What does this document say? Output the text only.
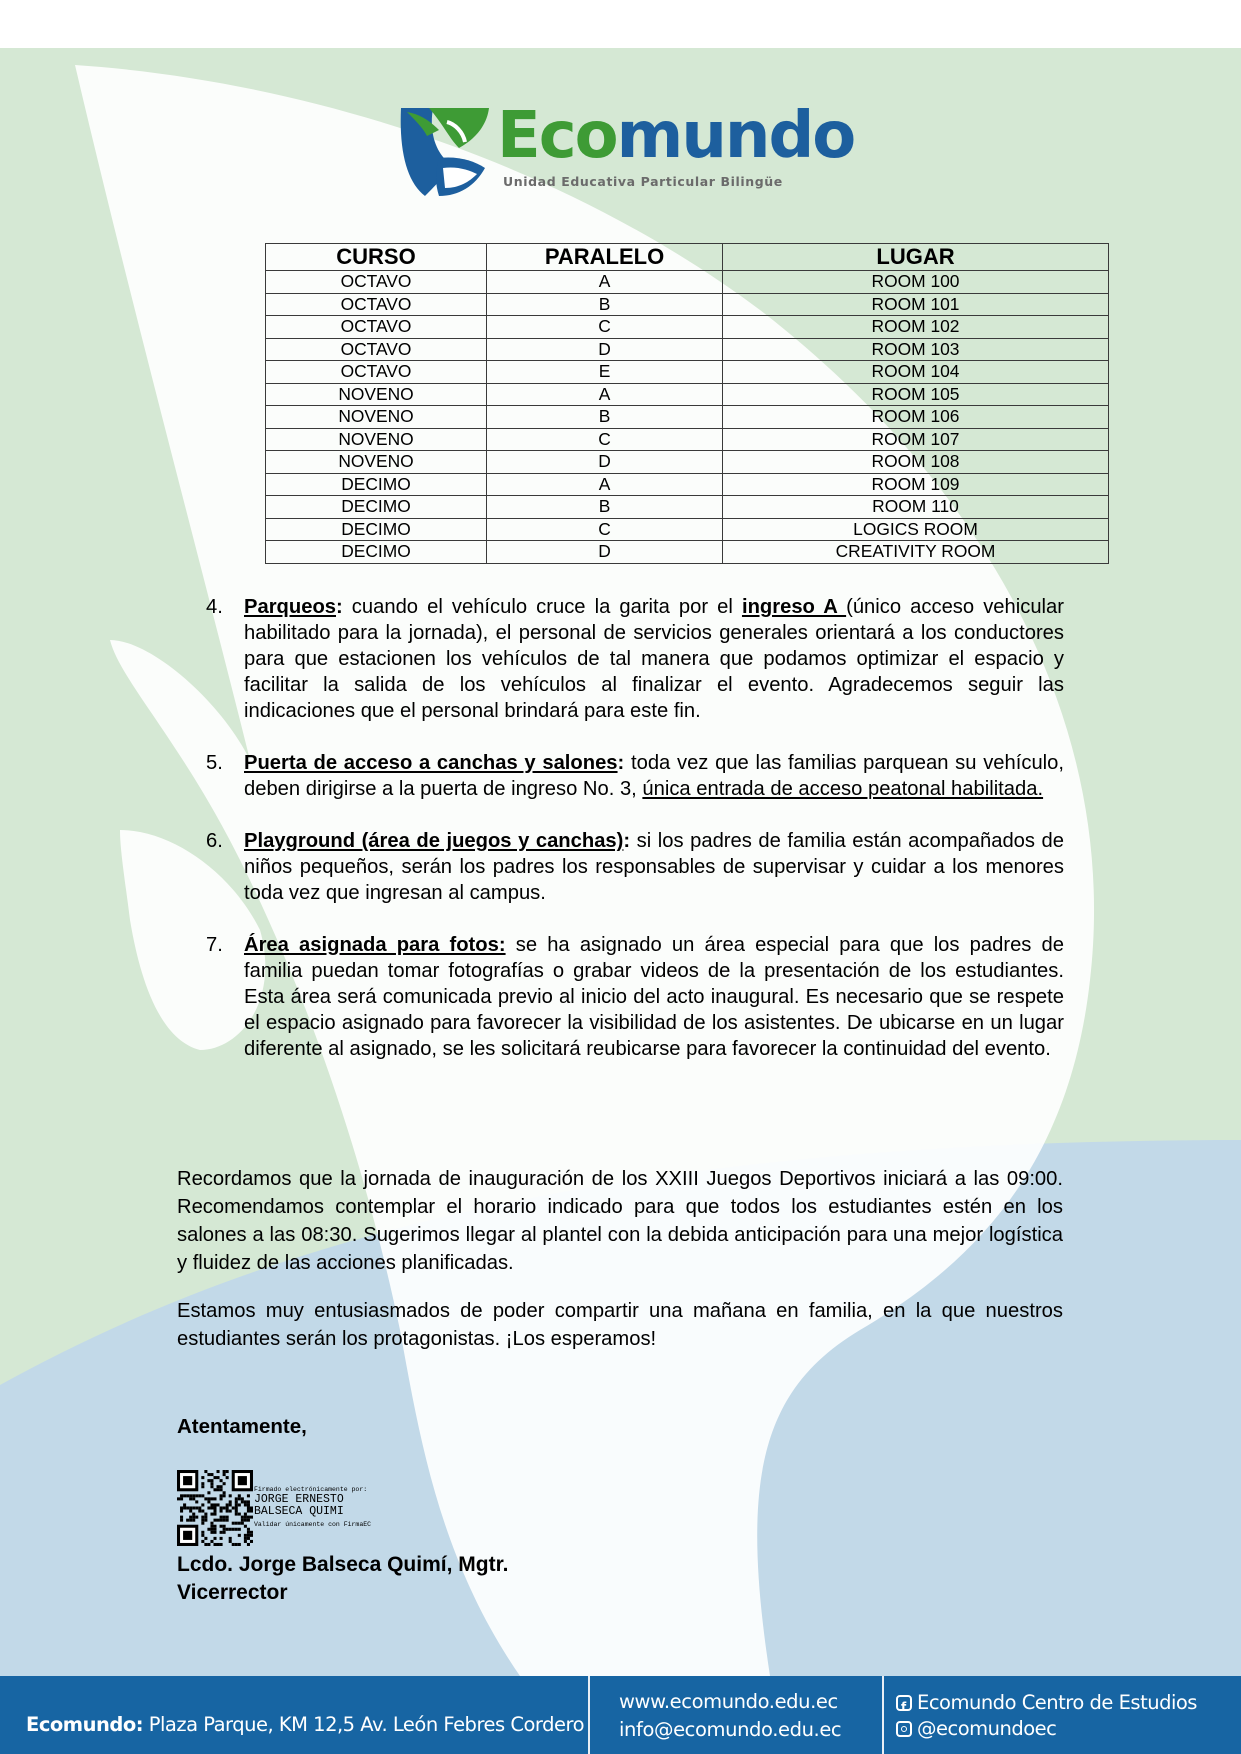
Ecomundo
Unidad Educativa Particular Bilingüe
CURSO	PARALELO	LUGAR
OCTAVO	A	ROOM 100
OCTAVO	B	ROOM 101
OCTAVO	C	ROOM 102
OCTAVO	D	ROOM 103
OCTAVO	E	ROOM 104
NOVENO	A	ROOM 105
NOVENO	B	ROOM 106
NOVENO	C	ROOM 107
NOVENO	D	ROOM 108
DECIMO	A	ROOM 109
DECIMO	B	ROOM 110
DECIMO	C	LOGICS ROOM
DECIMO	D	CREATIVITY ROOM
4. Parqueos: cuando el vehículo cruce la garita por el ingreso A (único acceso vehicular habilitado para la jornada), el personal de servicios generales orientará a los conductores para que estacionen los vehículos de tal manera que podamos optimizar el espacio y facilitar la salida de los vehículos al finalizar el evento. Agradecemos seguir las indicaciones que el personal brindará para este fin.
5. Puerta de acceso a canchas y salones: toda vez que las familias parquean su vehículo, deben dirigirse a la puerta de ingreso No. 3, única entrada de acceso peatonal habilitada.
6. Playground (área de juegos y canchas): si los padres de familia están acompañados de niños pequeños, serán los padres los responsables de supervisar y cuidar a los menores toda vez que ingresan al campus.
7. Área asignada para fotos: se ha asignado un área especial para que los padres de familia puedan tomar fotografías o grabar videos de la presentación de los estudiantes. Esta área será comunicada previo al inicio del acto inaugural. Es necesario que se respete el espacio asignado para favorecer la visibilidad de los asistentes. De ubicarse en un lugar diferente al asignado, se les solicitará reubicarse para favorecer la continuidad del evento.

Recordamos que la jornada de inauguración de los XXIII Juegos Deportivos iniciará a las 09:00. Recomendamos contemplar el horario indicado para que todos los estudiantes estén en los salones a las 08:30. Sugerimos llegar al plantel con la debida anticipación para una mejor logística y fluidez de las acciones planificadas.

Estamos muy entusiasmados de poder compartir una mañana en familia, en la que nuestros estudiantes serán los protagonistas. ¡Los esperamos!

Atentamente,
Firmado electrónicamente por:
JORGE ERNESTO
BALSECA QUIMI
Validar únicamente con FirmaEC
Lcdo. Jorge Balseca Quimí, Mgtr.
Vicerrector
Ecomundo: Plaza Parque, KM 12,5 Av. León Febres Cordero
www.ecomundo.edu.ec
info@ecomundo.edu.ec
fEcomundo Centro de Estudios
@ecomundoec
